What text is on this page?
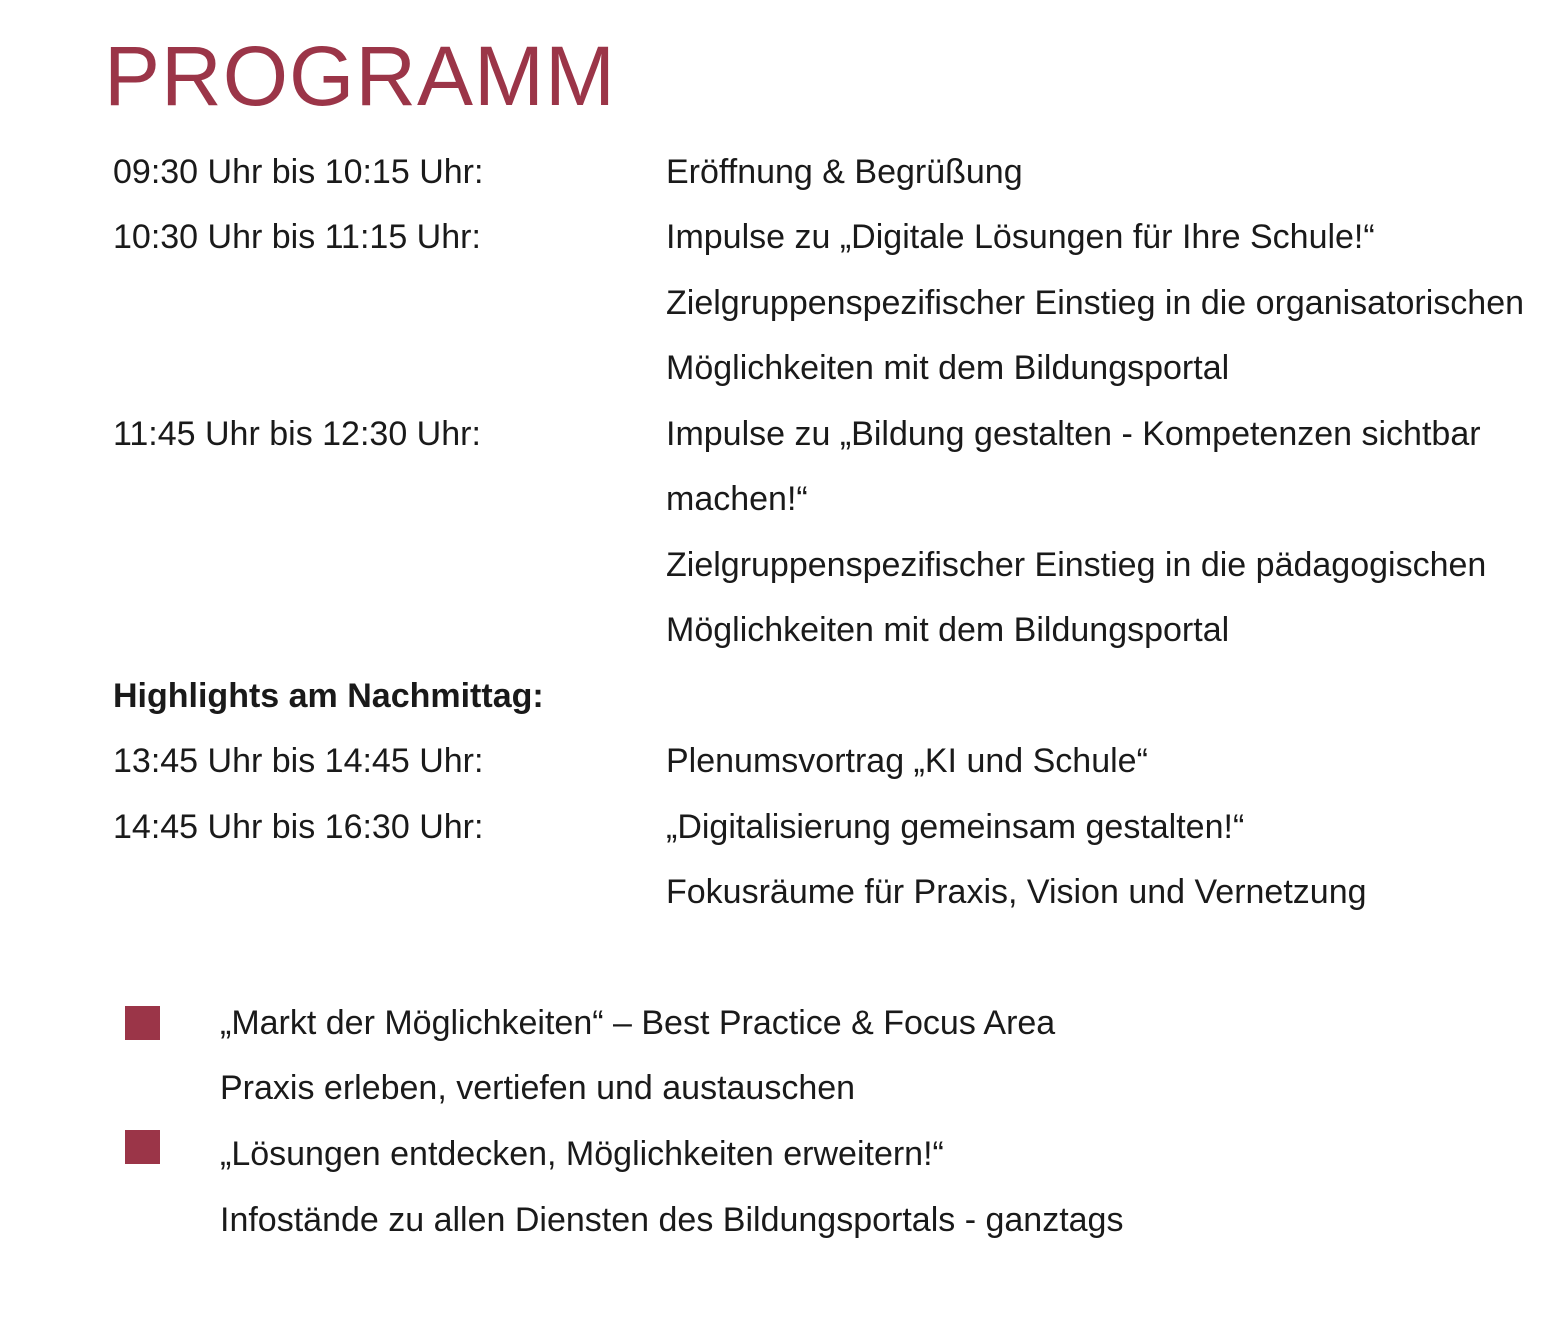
PROGRAMM
09:30 Uhr bis 10:15 Uhr:	Eröffnung & Begrüßung
10:30 Uhr bis 11:15 Uhr:	Impulse zu „Digitale Lösungen für Ihre Schule!“
Zielgruppenspezifischer Einstieg in die organisatorischen
Möglichkeiten mit dem Bildungsportal
11:45 Uhr bis 12:30 Uhr:	Impulse zu „Bildung gestalten - Kompetenzen sichtbar
machen!“
Zielgruppenspezifischer Einstieg in die pädagogischen
Möglichkeiten mit dem Bildungsportal
Highlights am Nachmittag:
13:45 Uhr bis 14:45 Uhr:	Plenumsvortrag „KI und Schule“
14:45 Uhr bis 16:30 Uhr:	„Digitalisierung gemeinsam gestalten!“
Fokusräume für Praxis, Vision und Vernetzung
„Markt der Möglichkeiten“ – Best Practice & Focus Area
Praxis erleben, vertiefen und austauschen
„Lösungen entdecken, Möglichkeiten erweitern!“
Infostände zu allen Diensten des Bildungsportals - ganztags
